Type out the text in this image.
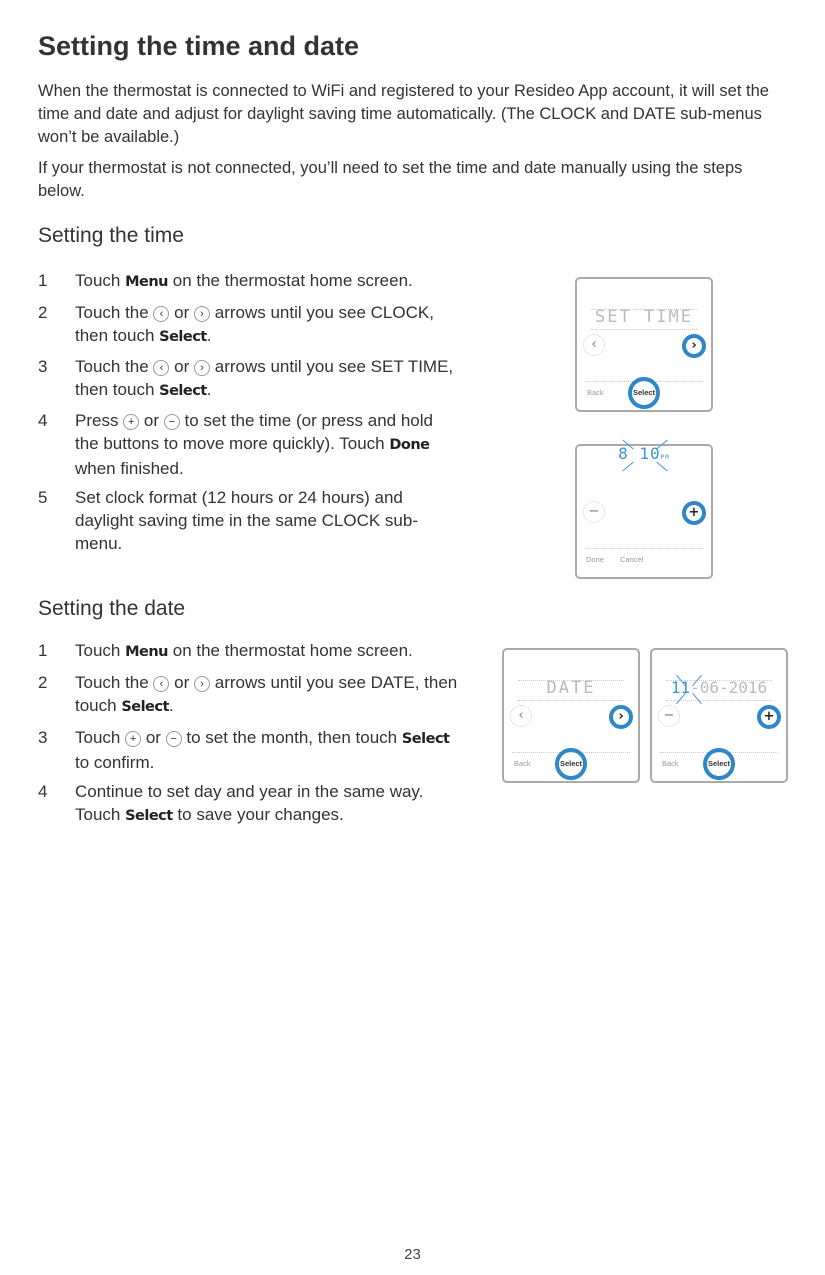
Setting the time and date

When the thermostat is connected to WiFi and registered to your Resideo App account, it will set the time and date and adjust for daylight saving time automatically. (The CLOCK and DATE sub-menus won’t be available.)

If your thermostat is not connected, you’ll need to set the time and date manually using the steps below.

Setting the time
1 Touch Menu on the thermostat home screen.
2 Touch the ‹ or › arrows until you see CLOCK, then touch Select.
3 Touch the ‹ or › arrows until you see SET TIME, then touch Select.
4 Press + or − to set the time (or press and hold the buttons to move more quickly). Touch Done when finished.
5 Set clock format (12 hours or 24 hours) and daylight saving time in the same CLOCK sub-menu.
SET TIME
‹	›
Back	Select
8 10PM
−	+
Done Cancel
Setting the date
1 Touch Menu on the thermostat home screen.
2 Touch the ‹ or › arrows until you see DATE, then touch Select.
3 Touch + or − to set the month, then touch Select to confirm.
4 Continue to set day and year in the same way. Touch Select to save your changes.
DATE
‹	›
Back	Select
11-06-2016
−	+
Back	Select
23
